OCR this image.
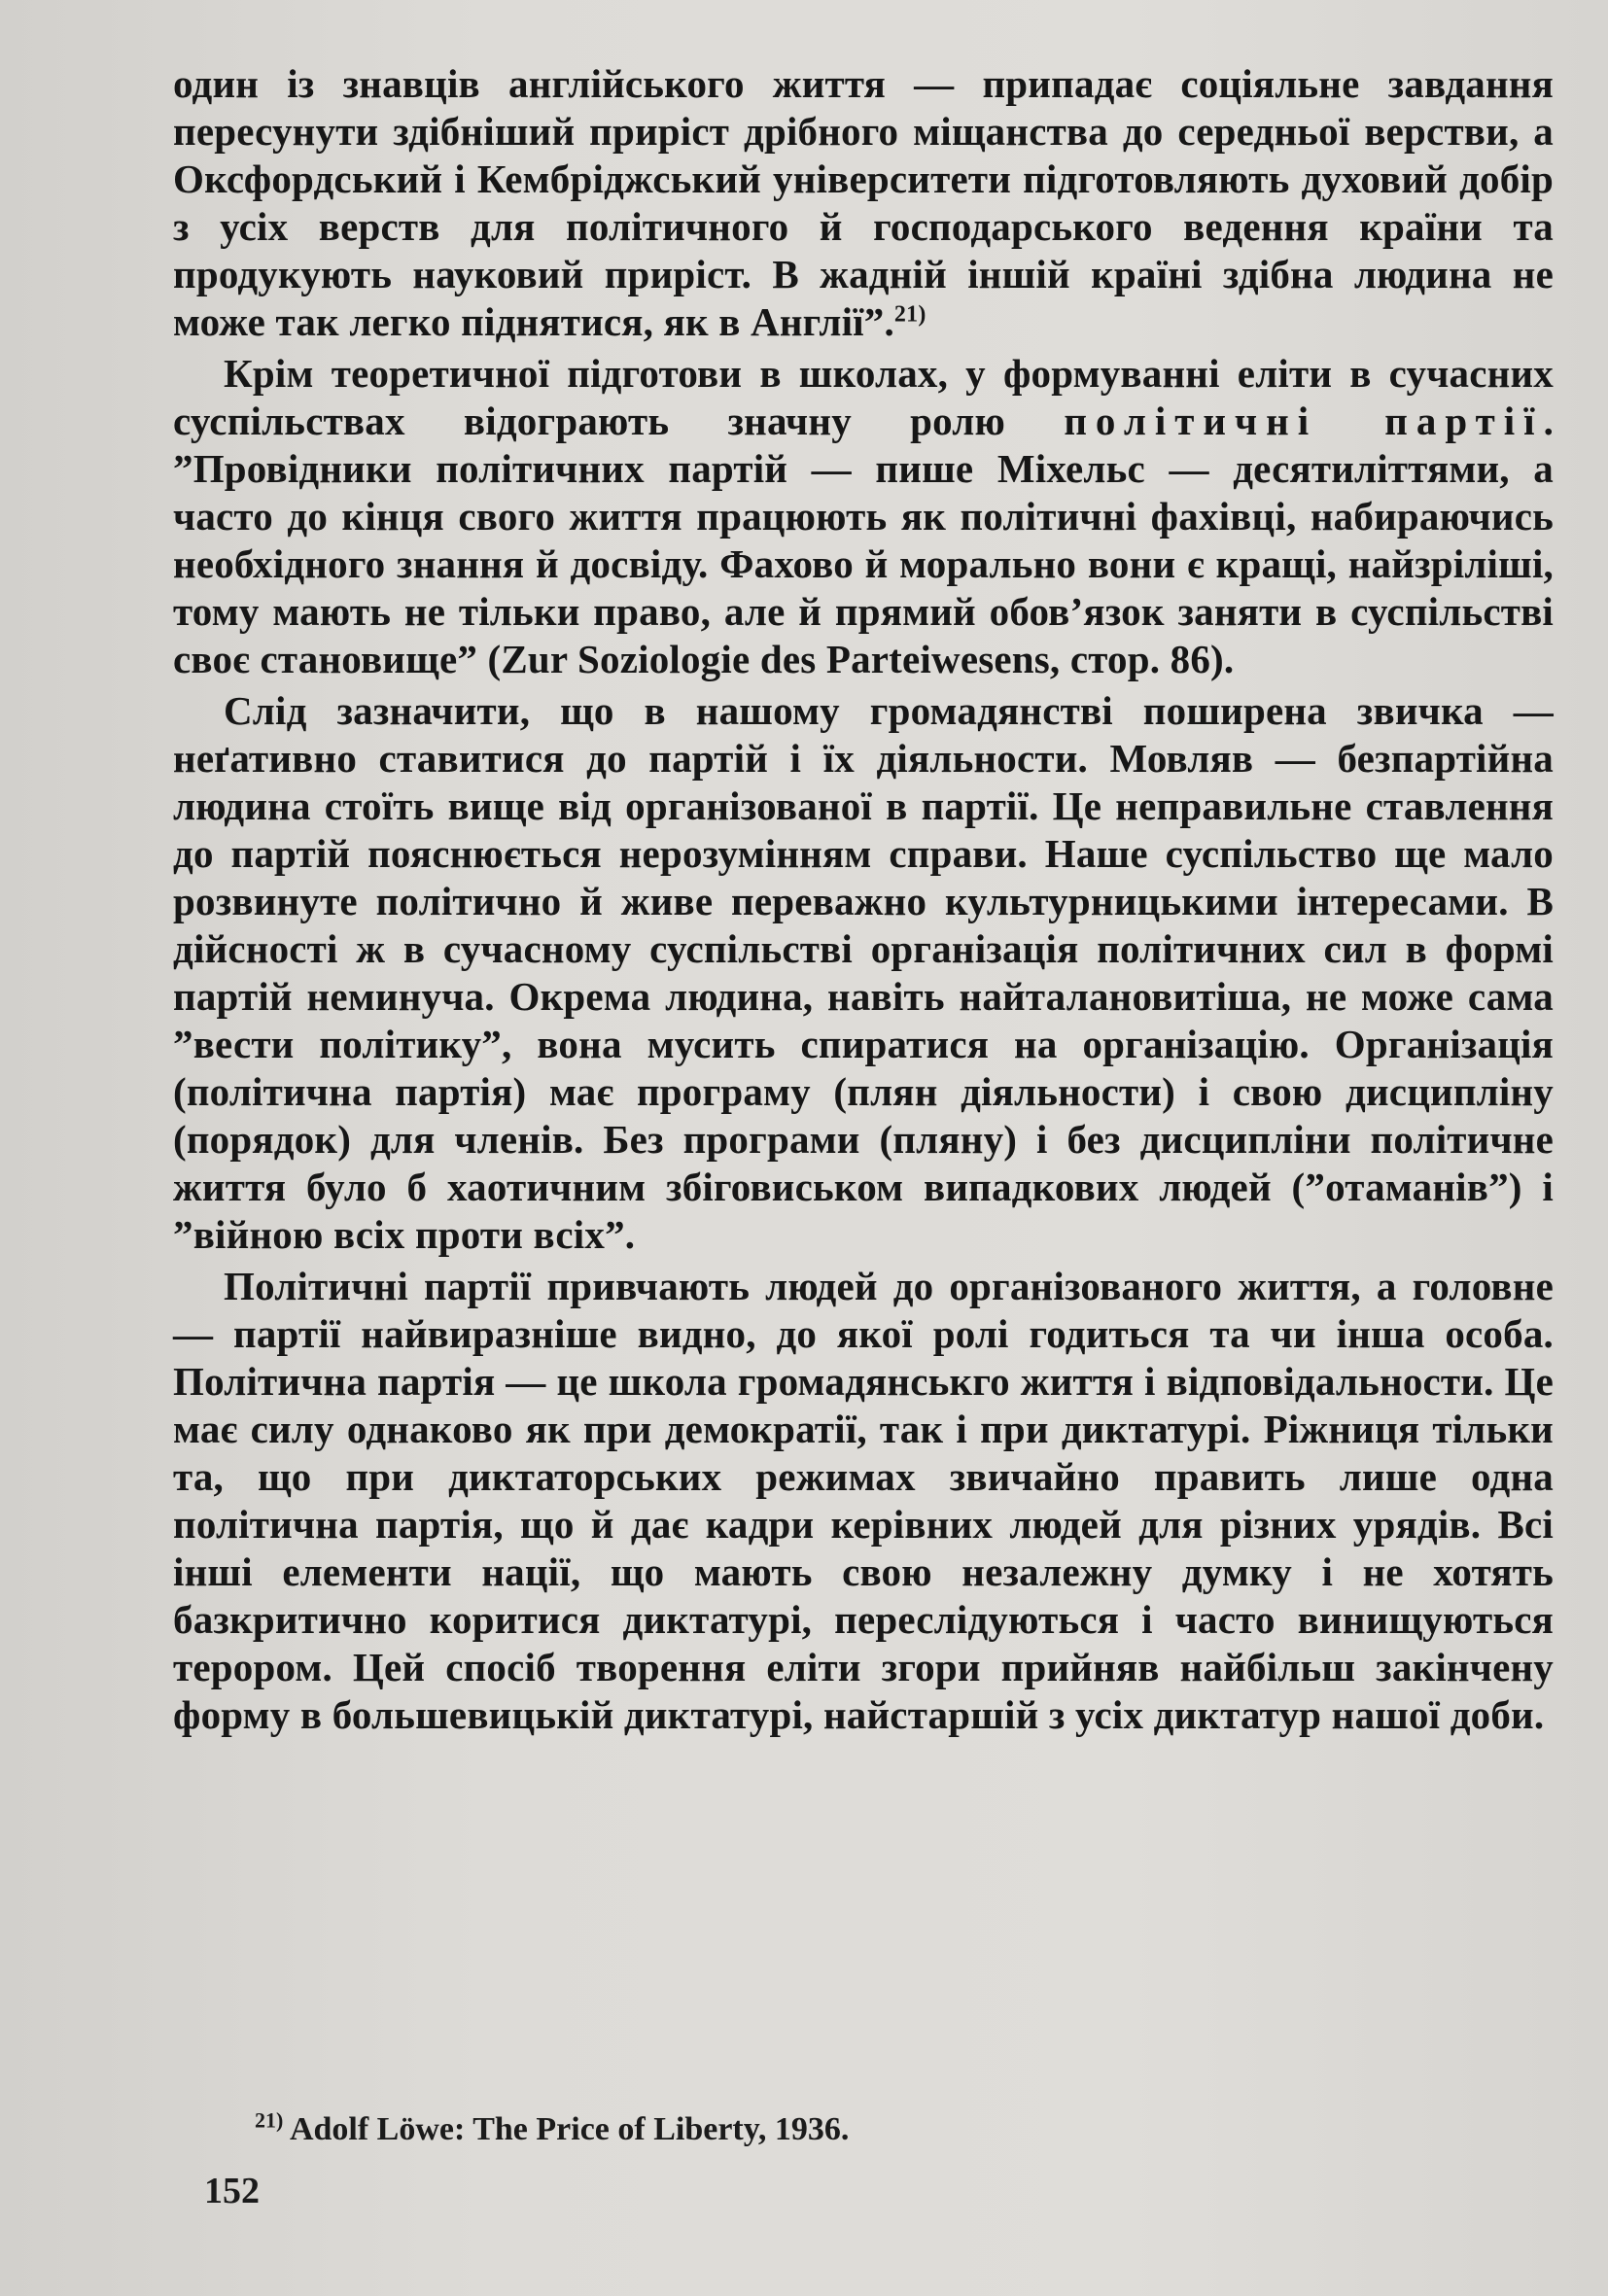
один із знавців англійського життя — припадає соціяльне завдання пересунути здібніший приріст дрібного міщанства до середньої верстви, а Оксфордський і Кембріджський університети підготовляють духовий добір з усіх верств для політичного й господарського ведення країни та продукують науковий приріст. В жадній іншій країні здібна людина не може так легко піднятися, як в Англії”.$^{21)}$

Крім теоретичної підготови в школах, у формуванні еліти в сучасних суспільствах відограють значну ролю політичні партії. ”Провідники політичних партій — пише Міхельс — десятиліттями, а часто до кінця свого життя працюють як політичні фахівці, набираючись необхідного знання й досвіду. Фахово й морально вони є кращі, найзріліші, тому мають не тільки право, але й прямий обов’язок заняти в суспільстві своє становище” (Zur Soziologie des Parteiwesens, стор. 86).

Слід зазначити, що в нашому громадянстві поширена звичка — неґативно ставитися до партій і їх діяльности. Мовляв — безпартійна людина стоїть вище від організованої в партії. Це неправильне ставлення до партій пояснюється нерозумінням справи. Наше суспільство ще мало розвинуте політично й живе переважно культурницькими інтересами. В дійсності ж в сучасному суспільстві організація політичних сил в формі партій неминуча. Окрема людина, навіть найталановитіша, не може сама ”вести політику”, вона мусить спиратися на організацію. Організація (політична партія) має програму (плян діяльности) і свою дисципліну (порядок) для членів. Без програми (пляну) і без дисципліни політичне життя було б хаотичним збіговиськом випадкових людей (”отаманів”) і ”війною всіх проти всіх”.

Політичні партії привчають людей до організованого життя, а головне — партії найвиразніше видно, до якої ролі годиться та чи інша особа. Політична партія — це школа громадянськго життя і відповідальности. Це має силу однаково як при демократії, так і при диктатурі. Ріжниця тільки та, що при диктаторських режимах звичайно править лише одна політична партія, що й дає кадри керівних людей для різних урядів. Всі інші елементи нації, що мають свою незалежну думку і не хотять базкритично коритися диктатурі, переслідуються і часто винищуються терором. Цей спосіб творення еліти згори прийняв найбільш закінчену форму в большевицькій диктатурі, найстаршій з усіх диктатур нашої доби.

$^{21)}$ Adolf Löwe: The Price of Liberty, 1936.
152
